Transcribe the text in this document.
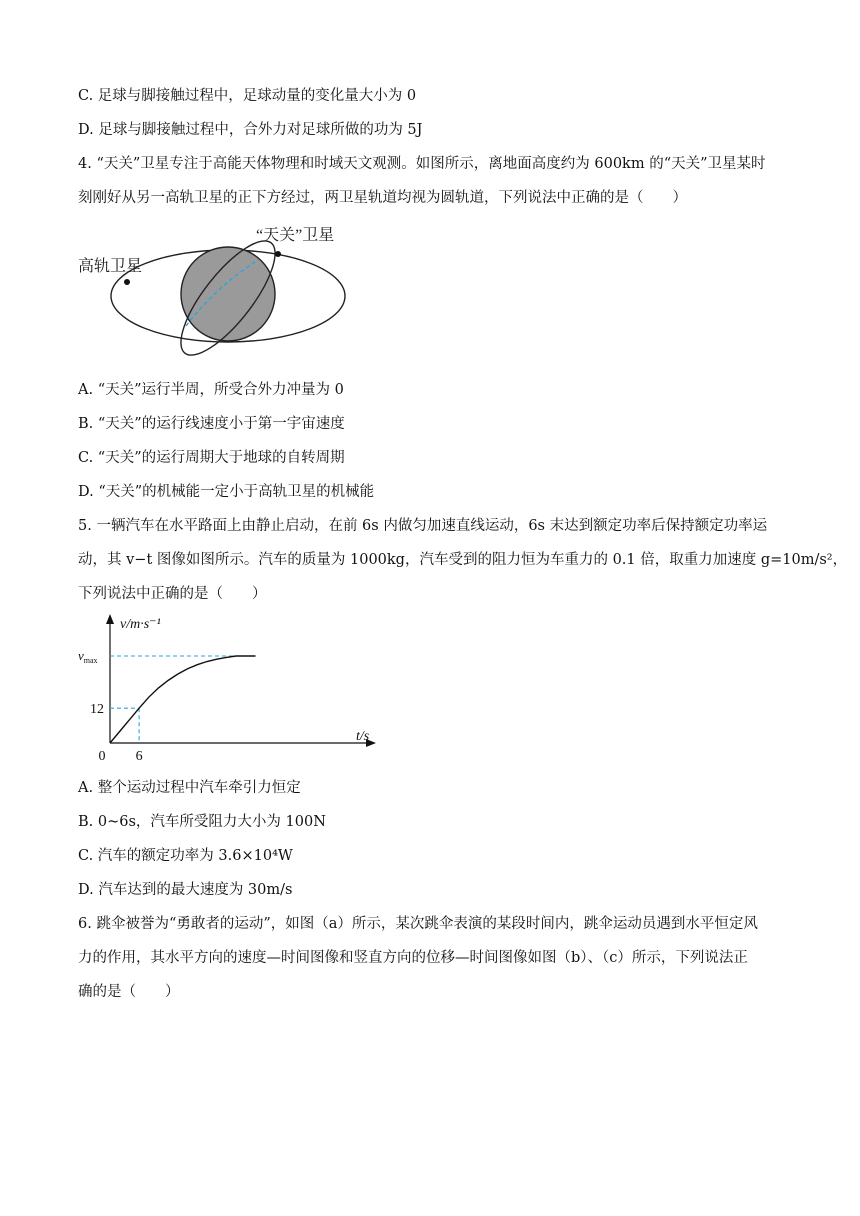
C. 足球与脚接触过程中，足球动量的变化量大小为 0
D. 足球与脚接触过程中，合外力对足球所做的功为 5J
4. “天关”卫星专注于高能天体物理和时域天文观测。如图所示，离地面高度约为 600km 的“天关”卫星某时
刻刚好从另一高轨卫星的正下方经过，两卫星轨道均视为圆轨道，下列说法中正确的是（　　）
“天关”卫星
高轨卫星
A. “天关”运行半周，所受合外力冲量为 0
B. “天关”的运行线速度小于第一宇宙速度
C. “天关”的运行周期大于地球的自转周期
D. “天关”的机械能一定小于高轨卫星的机械能
5. 一辆汽车在水平路面上由静止启动，在前 6s 内做匀加速直线运动，6s 末达到额定功率后保持额定功率运
动，其 v−t 图像如图所示。汽车的质量为 1000kg，汽车受到的阻力恒为车重力的 0.1 倍，取重力加速度 g=10m/s²，
下列说法中正确的是（　　）
v/m·s⁻¹
t/s
0 6
12
$v_{max}$
A. 整个运动过程中汽车牵引力恒定
B. 0~6s，汽车所受阻力大小为 100N
C. 汽车的额定功率为 3.6×10⁴W
D. 汽车达到的最大速度为 30m/s
6. 跳伞被誉为“勇敢者的运动”，如图（a）所示，某次跳伞表演的某段时间内，跳伞运动员遇到水平恒定风
力的作用，其水平方向的速度—时间图像和竖直方向的位移—时间图像如图（b）、（c）所示，下列说法正
确的是（　　）
